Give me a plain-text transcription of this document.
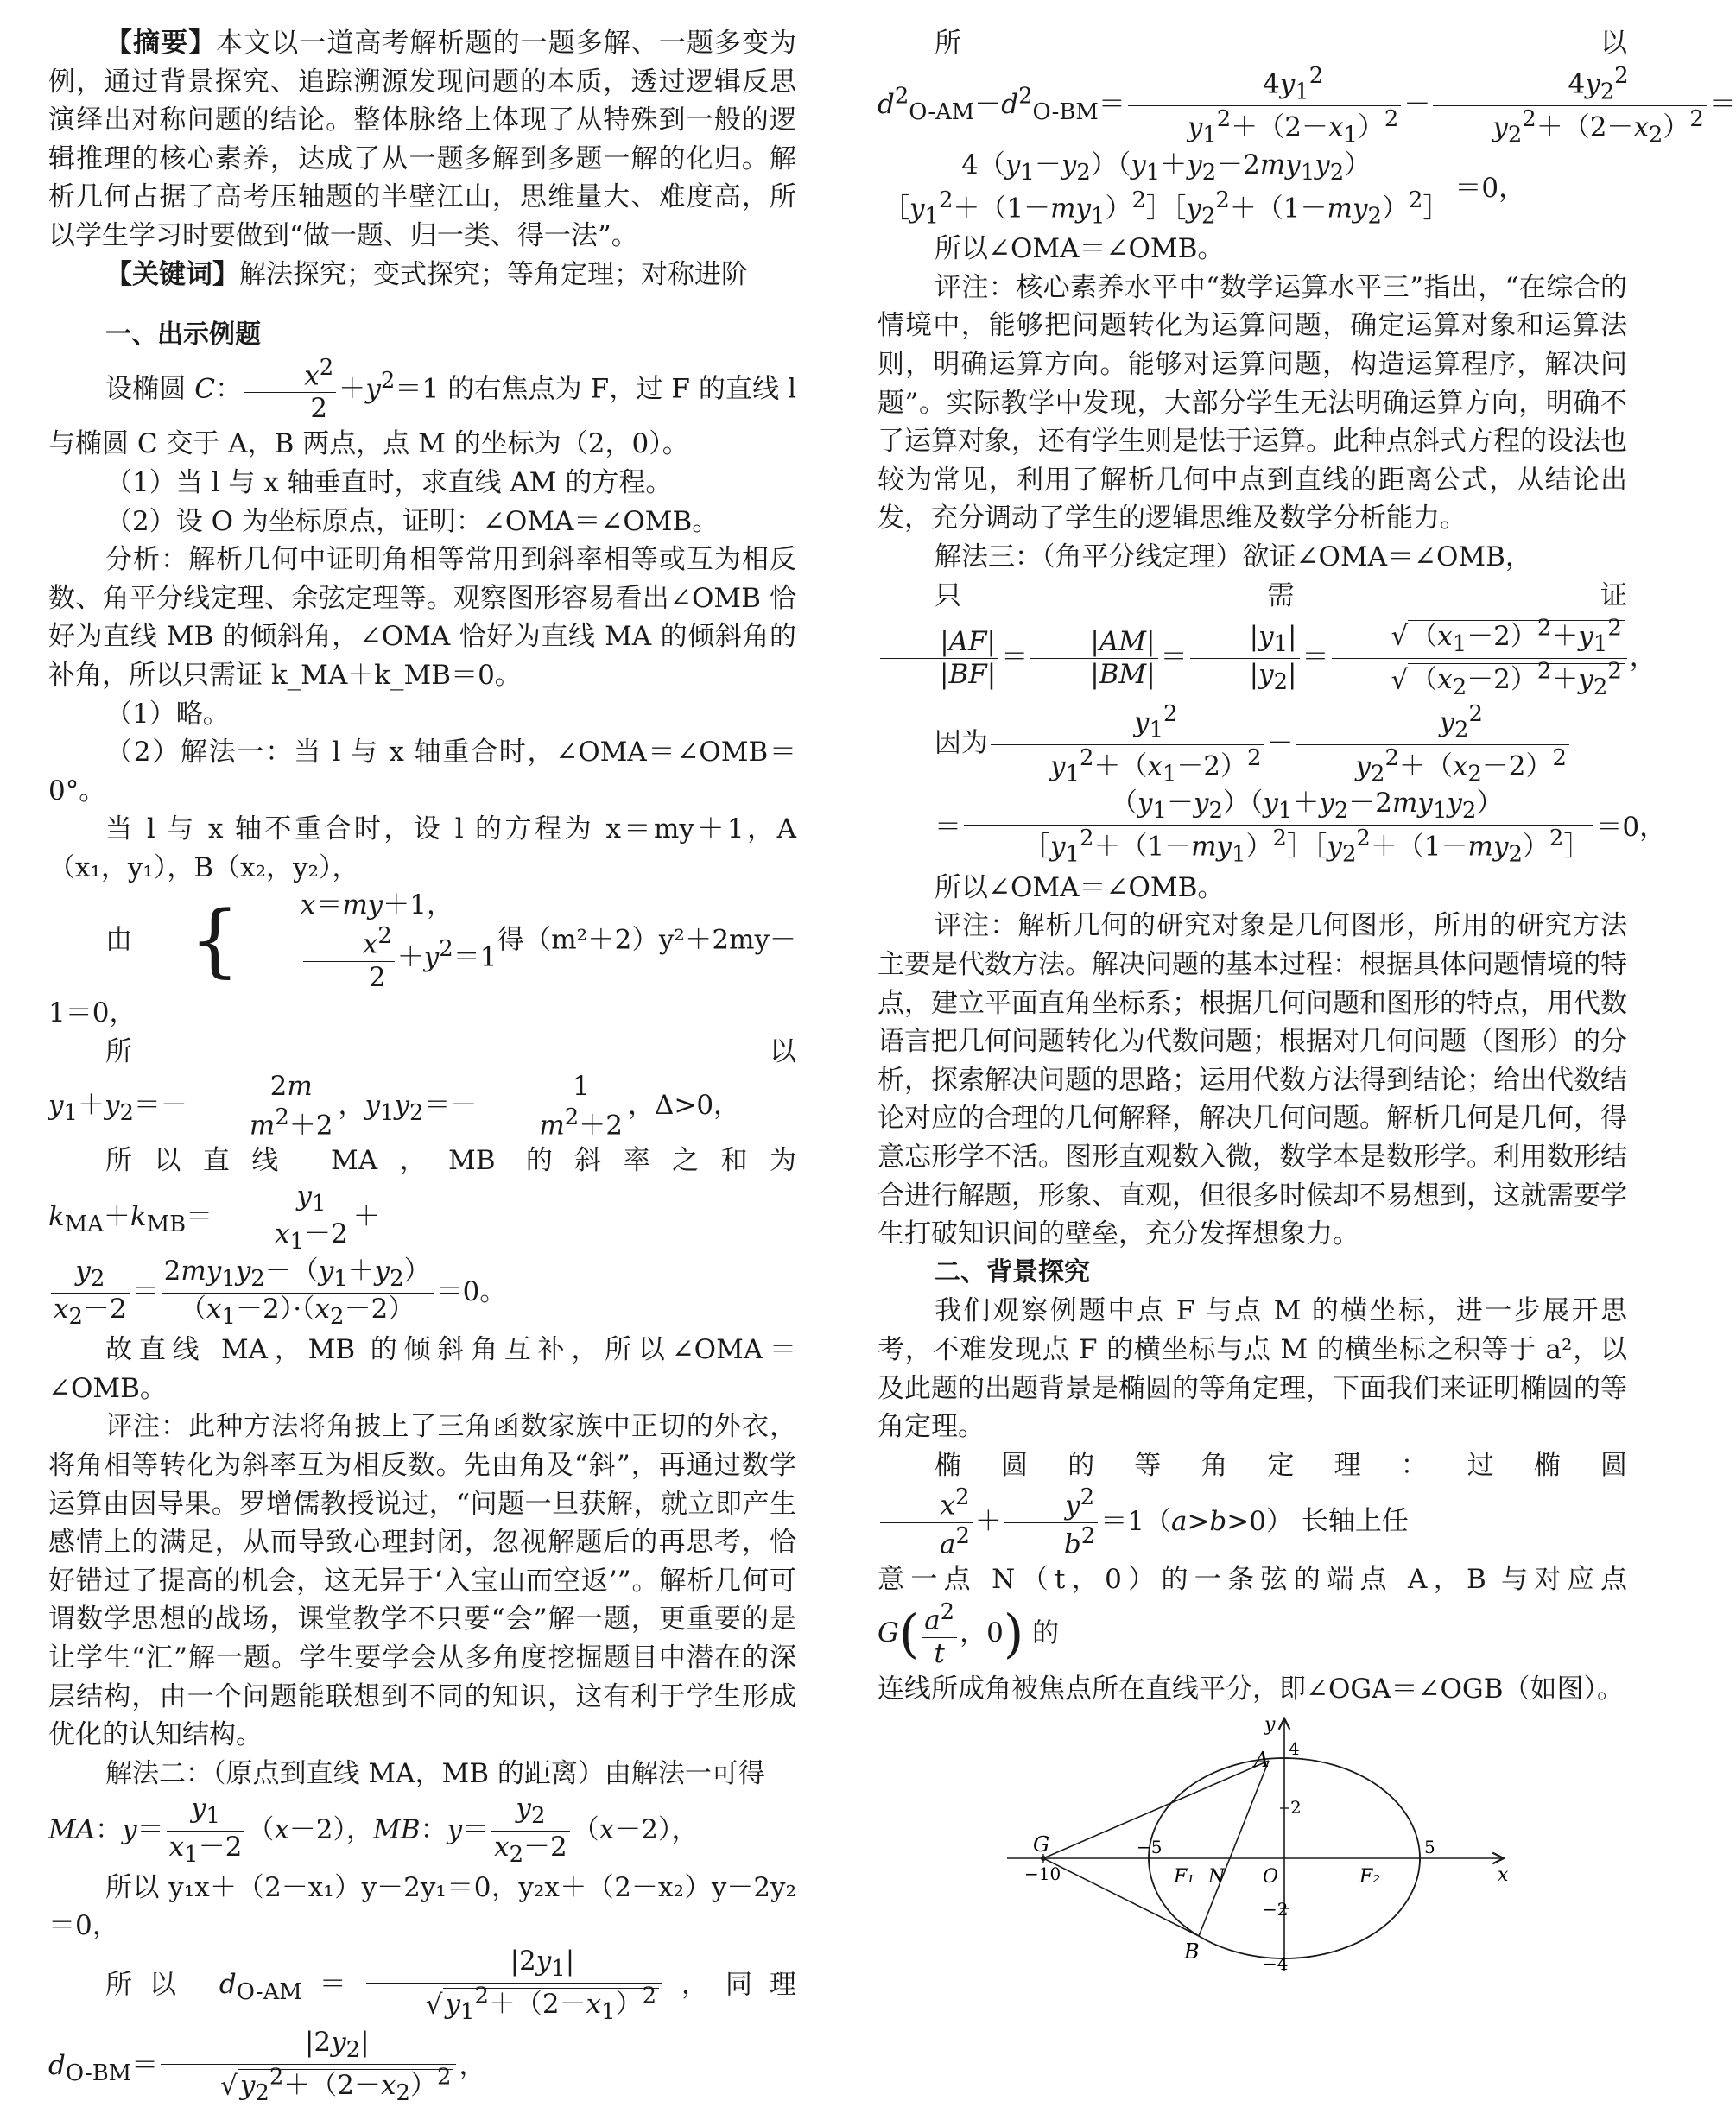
【摘要】本文以一道高考解析题的一题多解、一题多变为例，通过背景探究、追踪溯源发现问题的本质，透过逻辑反思演绎出对称问题的结论。整体脉络上体现了从特殊到一般的逻辑推理的核心素养，达成了从一题多解到多题一解的化归。解析几何占据了高考压轴题的半壁江山，思维量大、难度高，所以学生学习时要做到“做一题、归一类、得一法”。

【关键词】解法探究；变式探究；等角定理；对称进阶

一、出示例题

设椭圆 C： $\frac{x^2}{2} +y^2=1$ 的右焦点为 F，过 F 的直线 l 与椭圆 C 交于 A，B 两点，点 M 的坐标为（2，0）。

（1）当 l 与 x 轴垂直时，求直线 AM 的方程。

（2）设 O 为坐标原点，证明：∠OMA＝∠OMB。

分析：解析几何中证明角相等常用到斜率相等或互为相反数、角平分线定理、余弦定理等。观察图形容易看出∠OMB 恰好为直线 MB 的倾斜角，∠OMA 恰好为直线 MA 的倾斜角的补角，所以只需证 k_MA＋k_MB＝0。

（1）略。

（2）解法一：当 l 与 x 轴重合时，∠OMA＝∠OMB＝0°。

当 l 与 x 轴不重合时，设 l 的方程为 x＝my＋1，A（x₁，y₁），B（x₂，y₂），

由 {	x＝my＋1，
$\frac{x^2}{2} +y^2=1$
得（m²＋2）y²＋2my－1＝0，

所以 $y_1+y_2=- \frac{2m}{m^2+2}$ ，$y_1y_2=- \frac{1}{m^2+2}$ ，Δ>0，

所以直线 MA，MB 的斜率之和为 $k_{MA}+k_{MB}= \frac{y_1}{x_1-2}$ ＋

$\frac{y_2}{x_2-2} = \frac{2my_1y_2-(y_1+y_2)}{(x_1-2)\cdot(x_2-2)} =0$。

故直线 MA，MB 的倾斜角互补，所以∠OMA＝∠OMB。

评注：此种方法将角披上了三角函数家族中正切的外衣，将角相等转化为斜率互为相反数。先由角及“斜”，再通过数学运算由因导果。罗增儒教授说过，“问题一旦获解，就立即产生感情上的满足，从而导致心理封闭，忽视解题后的再思考，恰好错过了提高的机会，这无异于‘入宝山而空返’”。解析几何可谓数学思想的战场，课堂教学不只要“会”解一题，更重要的是让学生“汇”解一题。学生要学会从多角度挖掘题目中潜在的深层结构，由一个问题能联想到不同的知识，这有利于学生形成优化的认知结构。

解法二：（原点到直线 MA，MB 的距离）由解法一可得

MA：$y= \frac{y_1}{x_1-2} (x-2)$，MB：$y= \frac{y_2}{x_2-2} (x-2)$，

所以 y₁x＋（2－x₁）y－2y₁＝0，y₂x＋（2－x₂）y－2y₂＝0，

所以 $d_{O-AM}= \frac{|2y_1|}{√y_1^2+(2-x_1)^2}$ ，同理$d_{O-BM}= \frac{|2y_2|}{√y_2^2+(2-x_2)^2}$ ，

所以 $d^2_{O-AM}-d^2_{O-BM}= \frac{4y_1^2}{y_1^2+(2-x_1)^2} - \frac{4y_2^2}{y_2^2+(2-x_2)^2}$ ＝

$\frac{4(y_1-y_2)(y_1+y_2-2my_1y_2)}{[y_1^2+(1-my_1)^2][y_2^2+(1-my_2)^2]} =0$，

所以∠OMA＝∠OMB。

评注：核心素养水平中“数学运算水平三”指出，“在综合的情境中，能够把问题转化为运算问题，确定运算对象和运算法则，明确运算方向。能够对运算问题，构造运算程序，解决问题”。实际教学中发现，大部分学生无法明确运算方向，明确不了运算对象，还有学生则是怯于运算。此种点斜式方程的设法也较为常见，利用了解析几何中点到直线的距离公式，从结论出发，充分调动了学生的逻辑思维及数学分析能力。

解法三：（角平分线定理）欲证∠OMA＝∠OMB，

只需证
$\frac{|AF|}{|BF|} = \frac{|AM|}{|BM|} = \frac{|y_1|}{|y_2|} = \frac{√(x_1-2)^2+y_1^2}{√(x_2-2)^2+y_2^2}$ ，

因为 $\frac{y_1^2}{y_1^2+(x_1-2)^2} - \frac{y_2^2}{y_2^2+(x_2-2)^2}$

＝ $\frac{(y_1-y_2)(y_1+y_2-2my_1y_2)}{[y_1^2+(1-my_1)^2][y_2^2+(1-my_2)^2]} =0$，

所以∠OMA＝∠OMB。

评注：解析几何的研究对象是几何图形，所用的研究方法主要是代数方法。解决问题的基本过程：根据具体问题情境的特点，建立平面直角坐标系；根据几何问题和图形的特点，用代数语言把几何问题转化为代数问题；根据对几何问题（图形）的分析，探索解决问题的思路；运用代数方法得到结论；给出代数结论对应的合理的几何解释，解决几何问题。解析几何是几何，得意忘形学不活。图形直观数入微，数学本是数形学。利用数形结合进行解题，形象、直观，但很多时候却不易想到，这就需要学生打破知识间的壁垒，充分发挥想象力。

二、背景探究

我们观察例题中点 F 与点 M 的横坐标，进一步展开思考，不难发现点 F 的横坐标与点 M 的横坐标之积等于 a²，以及此题的出题背景是椭圆的等角定理，下面我们来证明椭圆的等角定理。

椭圆的等角定理：过椭圆
$\frac{x^2}{a^2} + \frac{y^2}{b^2} =1(a>b>0)$ 长轴上任

意一点 N（t，0）的一条弦的端点 A，B 与对应点 $G( \frac{a^2}{t}$ ，0) 的

连线所成角被焦点所在直线平分，即∠OGA＝∠OGB（如图）。

−10
−5	5
4
2
−2
−4
x
y
G
A
B
F₁ N O	F₂
